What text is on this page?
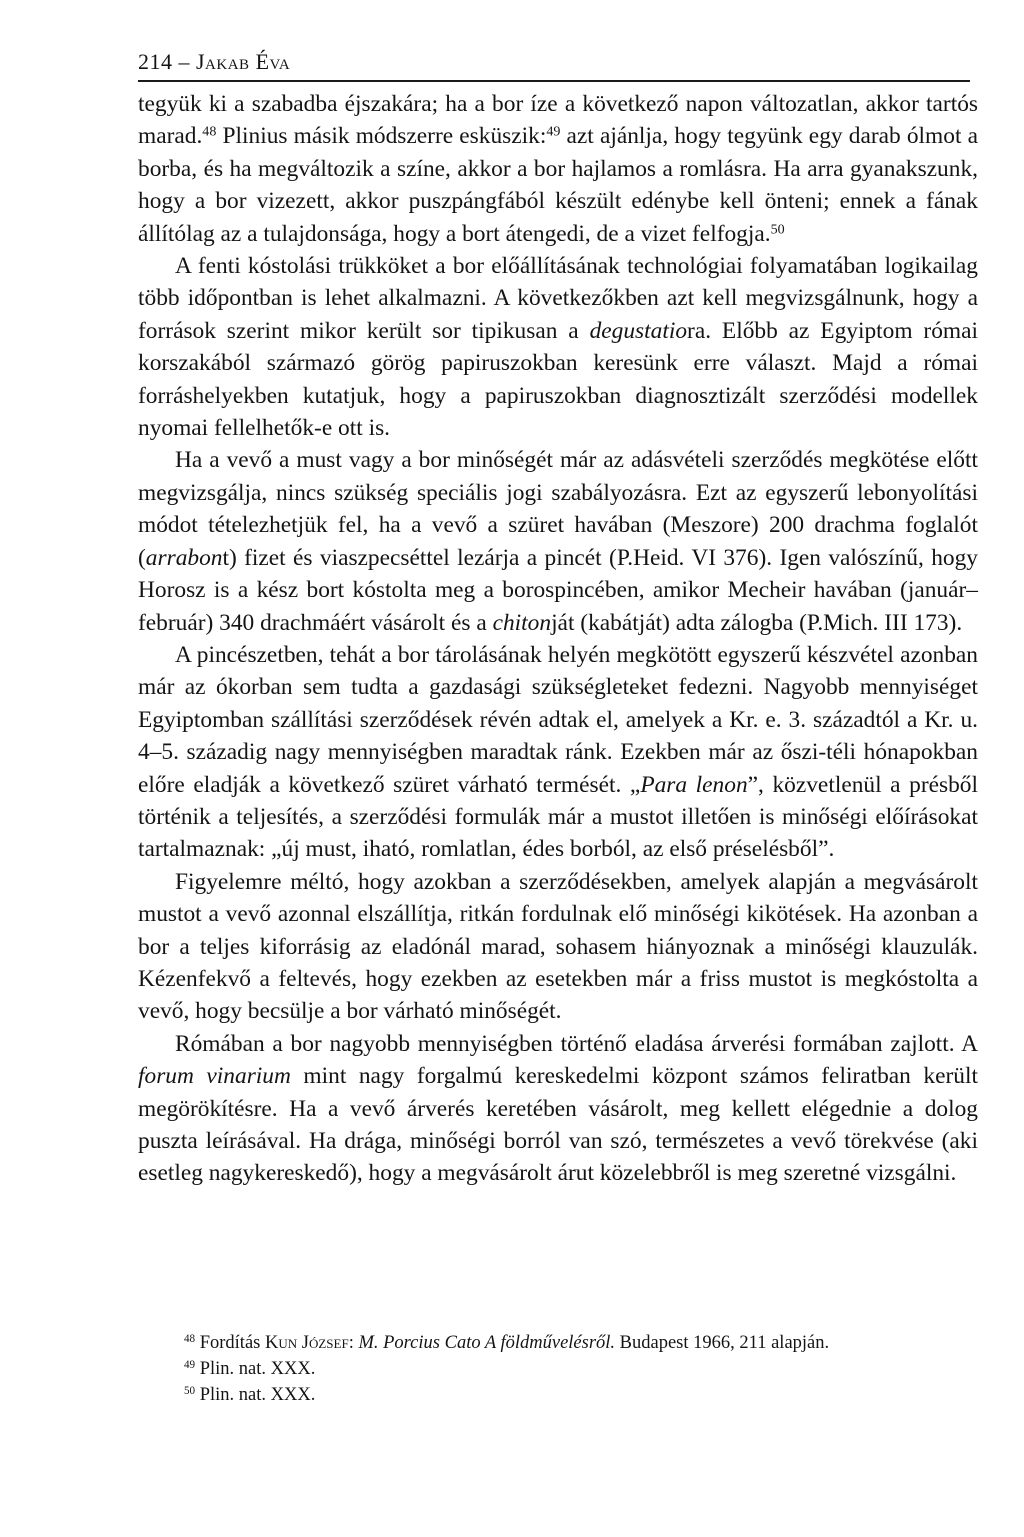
214 – Jakab Éva

tegyük ki a szabadba éjszakára; ha a bor íze a következő napon változatlan, akkor tartós marad.$^{48}$ Plinius másik módszerre esküszik:$^{49}$ azt ajánlja, hogy tegyünk egy darab ólmot a borba, és ha megváltozik a színe, akkor a bor hajlamos a romlásra. Ha arra gyanakszunk, hogy a bor vizezett, akkor puszpángfából készült edénybe kell önteni; ennek a fának állítólag az a tulajdonsága, hogy a bort átengedi, de a vizet felfogja.$^{50}$

A fenti kóstolási trükköket a bor előállításának technológiai folyamatában logikailag több időpontban is lehet alkalmazni. A következőkben azt kell megvizsgálnunk, hogy a források szerint mikor került sor tipikusan a degustatiora. Előbb az Egyiptom római korszakából származó görög papiruszokban keresünk erre választ. Majd a római forráshelyekben kutatjuk, hogy a papiruszokban diagnosztizált szerződési modellek nyomai fellelhetők-e ott is.

Ha a vevő a must vagy a bor minőségét már az adásvételi szerződés megkötése előtt megvizsgálja, nincs szükség speciális jogi szabályozásra. Ezt az egyszerű lebonyolítási módot tételezhetjük fel, ha a vevő a szüret havában (Meszore) 200 drachma foglalót (arrabont) fizet és viaszpecséttel lezárja a pincét (P.Heid. VI 376). Igen valószínű, hogy Horosz is a kész bort kóstolta meg a borospincében, amikor Mecheir havában (január–február) 340 drachmáért vásárolt és a chitonját (kabátját) adta zálogba (P.Mich. III 173).

A pincészetben, tehát a bor tárolásának helyén megkötött egyszerű készvétel azonban már az ókorban sem tudta a gazdasági szükségleteket fedezni. Nagyobb mennyiséget Egyiptomban szállítási szerződések révén adtak el, amelyek a Kr. e. 3. századtól a Kr. u. 4–5. századig nagy mennyiségben maradtak ránk. Ezekben már az őszi-téli hónapokban előre eladják a következő szüret várható termését. „Para lenon”, közvetlenül a présből történik a teljesítés, a szerződési formulák már a mustot illetően is minőségi előírásokat tartalmaznak: „új must, iható, romlatlan, édes borból, az első préselésből”.

Figyelemre méltó, hogy azokban a szerződésekben, amelyek alapján a megvásárolt mustot a vevő azonnal elszállítja, ritkán fordulnak elő minőségi kikötések. Ha azonban a bor a teljes kiforrásig az eladónál marad, sohasem hiányoznak a minőségi klauzulák. Kézenfekvő a feltevés, hogy ezekben az esetekben már a friss mustot is megkóstolta a vevő, hogy becsülje a bor várható minőségét.

Rómában a bor nagyobb mennyiségben történő eladása árverési formában zajlott. A forum vinarium mint nagy forgalmú kereskedelmi központ számos feliratban került megörökítésre. Ha a vevő árverés keretében vásárolt, meg kellett elégednie a dolog puszta leírásával. Ha drága, minőségi borról van szó, természetes a vevő törekvése (aki esetleg nagykereskedő), hogy a megvásárolt árut közelebbről is meg szeretné vizsgálni.

$^{48}$ Fordítás Kun József: M. Porcius Cato A földművelésről. Budapest 1966, 211 alapján.
$^{49}$ Plin. nat. XXX.
$^{50}$ Plin. nat. XXX.
